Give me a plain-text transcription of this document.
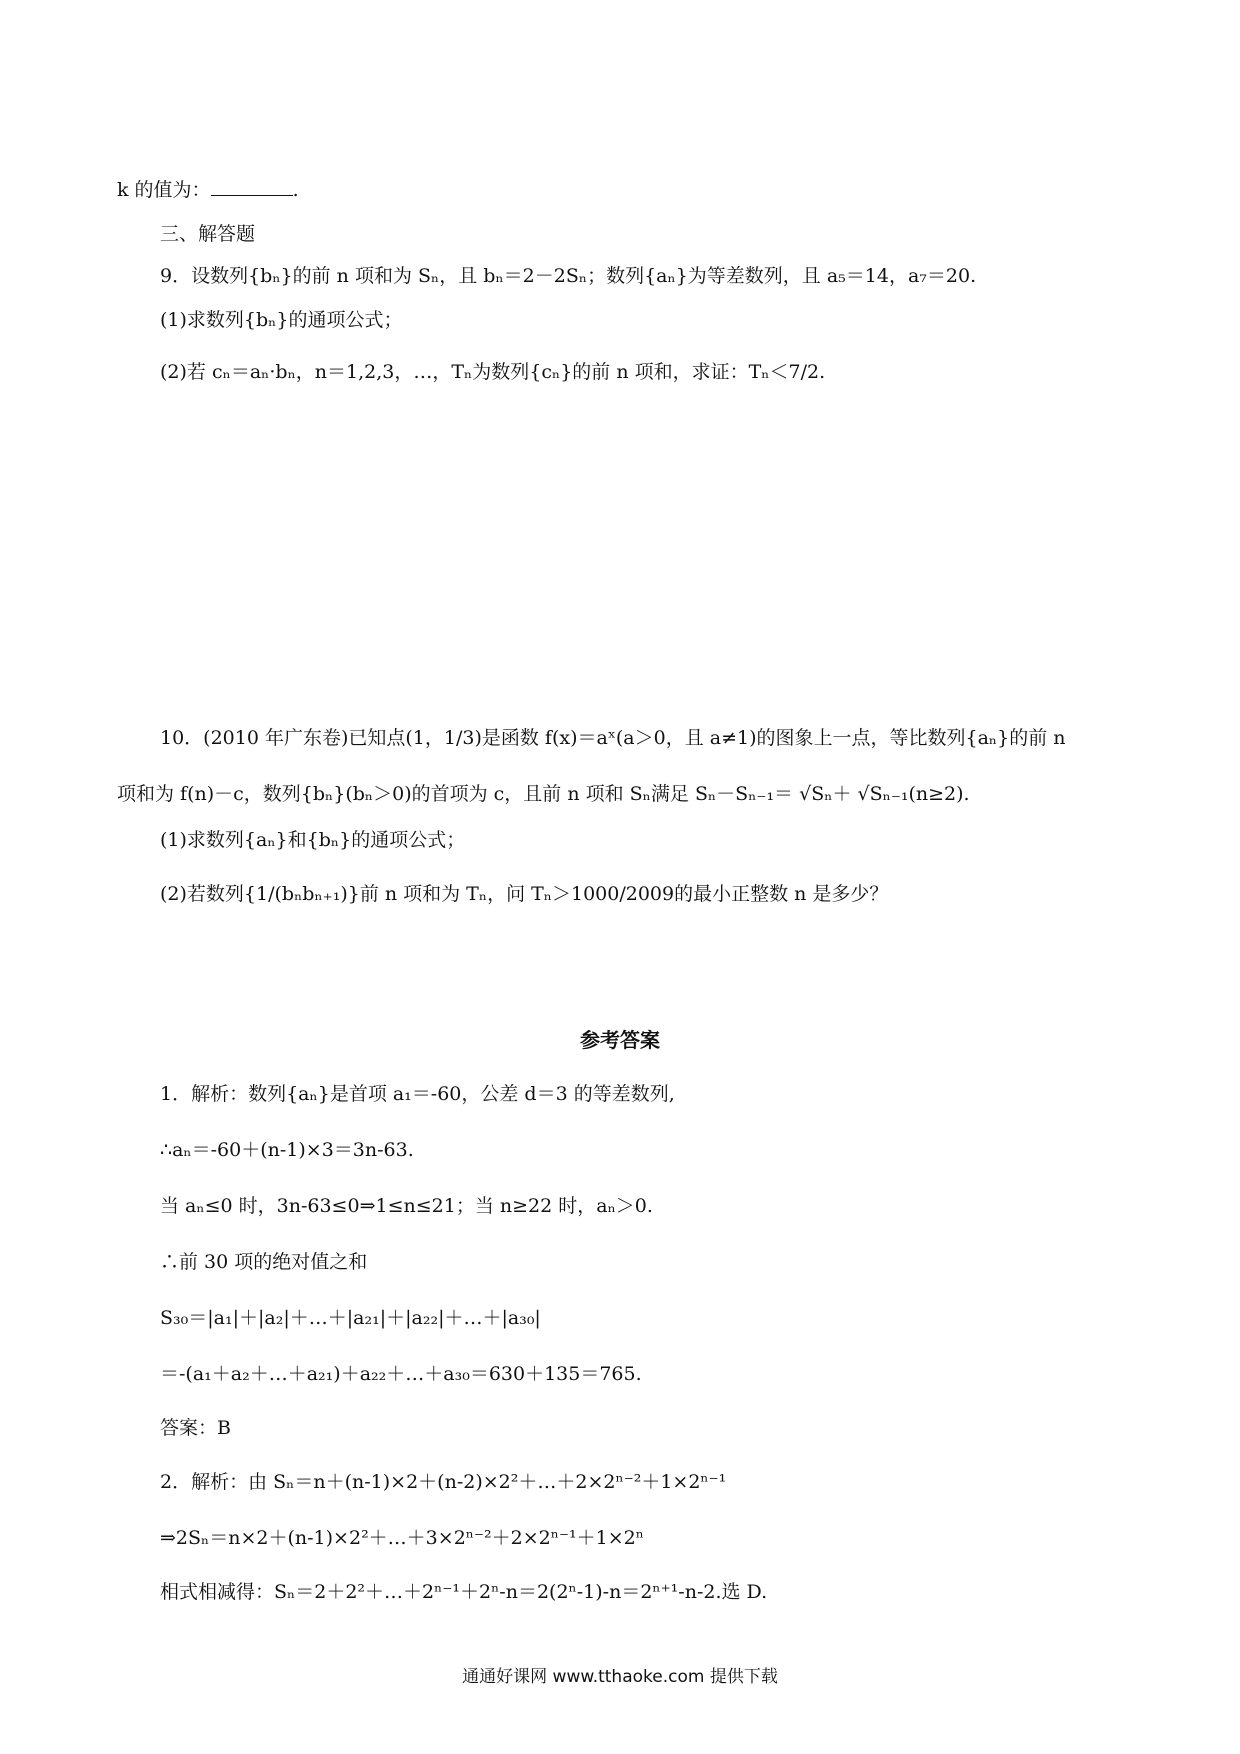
k 的值为：	.
三、解答题
9．设数列{bₙ}的前 n 项和为 Sₙ，且 bₙ＝2－2Sₙ；数列{aₙ}为等差数列，且 a₅＝14，a₇＝20.
(1)求数列{bₙ}的通项公式；
(2)若 cₙ＝aₙ·bₙ，n＝1,2,3，…，Tₙ为数列{cₙ}的前 n 项和，求证：Tₙ＜7/2.
10．(2010 年广东卷)已知点(1，1/3)是函数 f(x)＝aˣ(a＞0，且 a≠1)的图象上一点，等比数列{aₙ}的前 n
项和为 f(n)－c，数列{bₙ}(bₙ＞0)的首项为 c，且前 n 项和 Sₙ满足 Sₙ－Sₙ₋₁＝ √Sₙ＋ √Sₙ₋₁(n≥2).
(1)求数列{aₙ}和{bₙ}的通项公式；
(2)若数列{1/(bₙbₙ₊₁)}前 n 项和为 Tₙ，问 Tₙ＞1000/2009的最小正整数 n 是多少？
参考答案
1．解析：数列{aₙ}是首项 a₁＝-60，公差 d＝3 的等差数列,
∴aₙ＝-60＋(n-1)×3＝3n-63.
当 aₙ≤0 时，3n-63≤0⇒1≤n≤21；当 n≥22 时，aₙ＞0.
∴前 30 项的绝对值之和
S₃₀＝|a₁|＋|a₂|＋…＋|a₂₁|＋|a₂₂|＋…＋|a₃₀|
＝-(a₁＋a₂＋…＋a₂₁)＋a₂₂＋…＋a₃₀＝630＋135＝765.
答案：B
2．解析：由 Sₙ＝n＋(n-1)×2＋(n-2)×2²＋…＋2×2ⁿ⁻²＋1×2ⁿ⁻¹
⇒2Sₙ＝n×2＋(n-1)×2²＋…＋3×2ⁿ⁻²＋2×2ⁿ⁻¹＋1×2ⁿ
相式相减得：Sₙ＝2＋2²＋…＋2ⁿ⁻¹＋2ⁿ-n＝2(2ⁿ-1)-n＝2ⁿ⁺¹-n-2.选 D.
通通好课网 www.tthaoke.com 提供下载
